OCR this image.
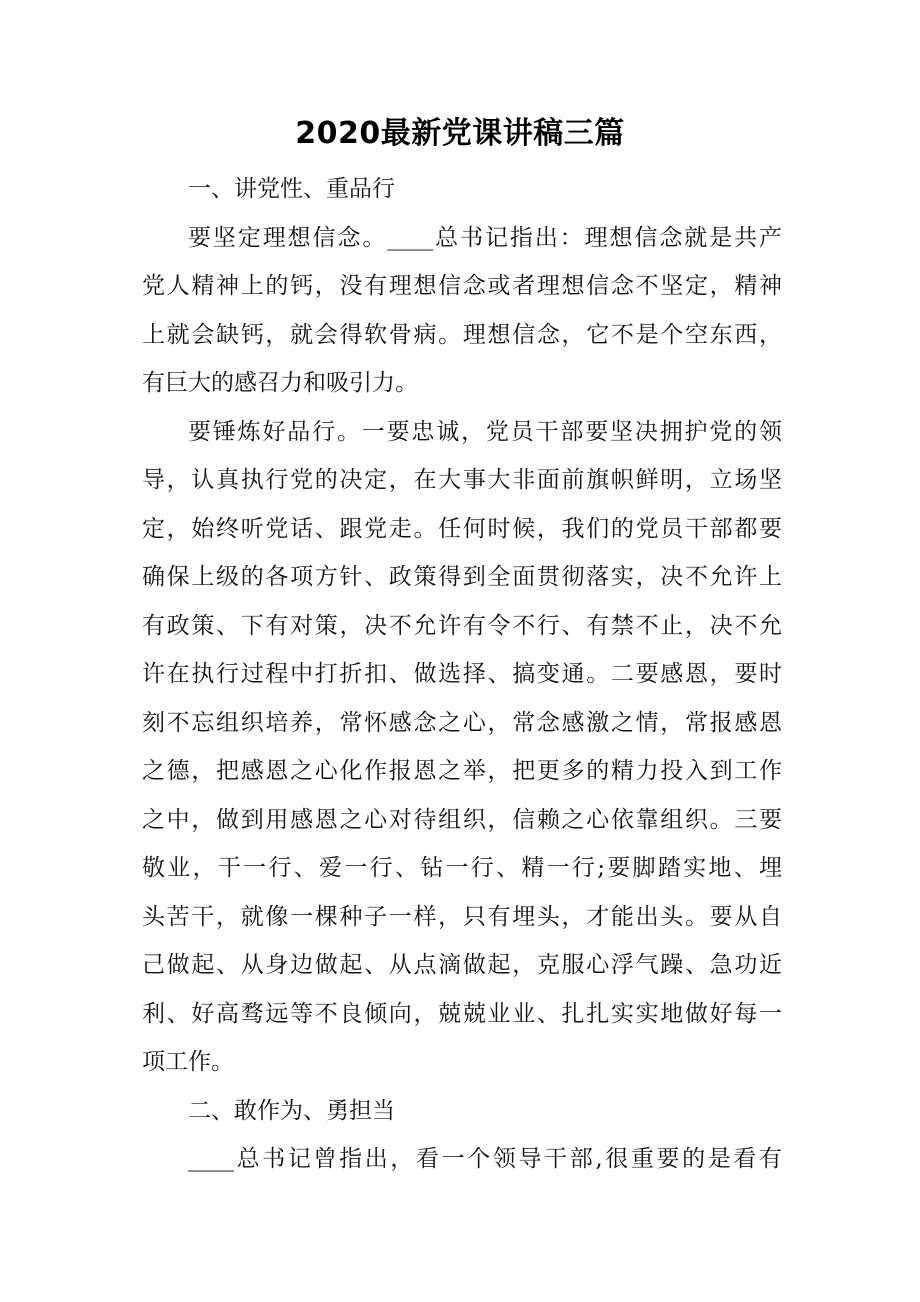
2020最新党课讲稿三篇
一、讲党性、重品行
要坚定理想信念。____总书记指出：理想信念就是共产
党人精神上的钙，没有理想信念或者理想信念不坚定，精神
上就会缺钙，就会得软骨病。理想信念，它不是个空东西，
有巨大的感召力和吸引力。
要锤炼好品行。一要忠诚，党员干部要坚决拥护党的领
导，认真执行党的决定，在大事大非面前旗帜鲜明，立场坚
定，始终听党话、跟党走。任何时候，我们的党员干部都要
确保上级的各项方针、政策得到全面贯彻落实，决不允许上
有政策、下有对策，决不允许有令不行、有禁不止，决不允
许在执行过程中打折扣、做选择、搞变通。二要感恩，要时
刻不忘组织培养，常怀感念之心，常念感激之情，常报感恩
之德，把感恩之心化作报恩之举，把更多的精力投入到工作
之中，做到用感恩之心对待组织，信赖之心依靠组织。三要
敬业，干一行、爱一行、钻一行、精一行;要脚踏实地、埋
头苦干，就像一棵种子一样，只有埋头，才能出头。要从自
己做起、从身边做起、从点滴做起，克服心浮气躁、急功近
利、好高骛远等不良倾向，兢兢业业、扎扎实实地做好每一
项工作。
二、敢作为、勇担当
____总书记曾指出，看一个领导干部,很重要的是看有
